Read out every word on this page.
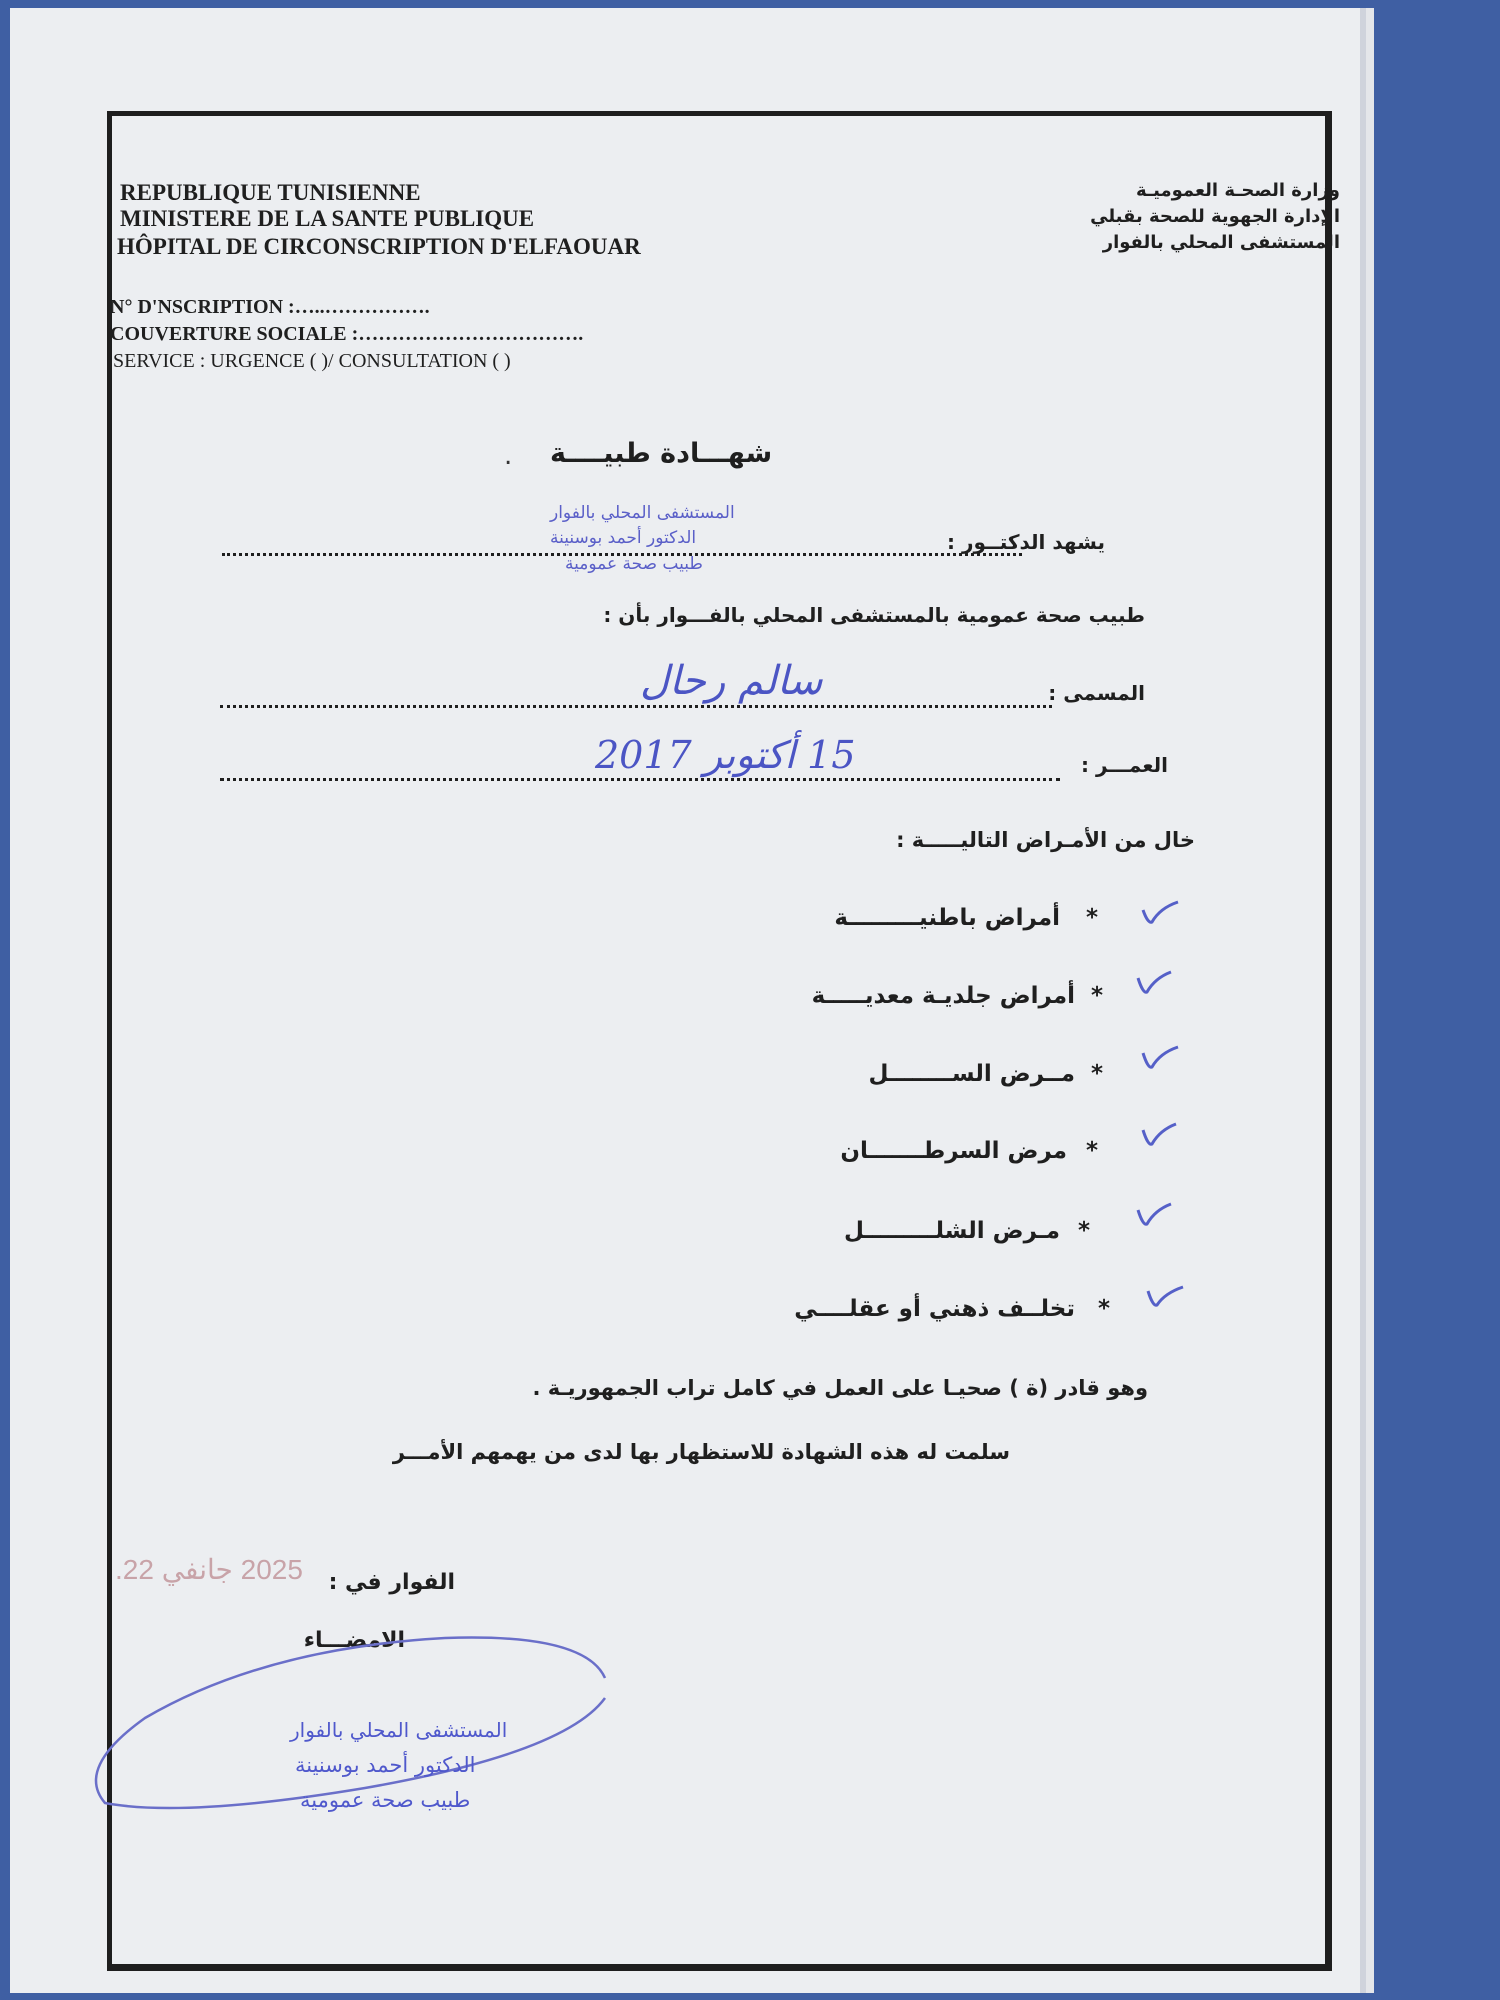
REPUBLIQUE TUNISIENNE
MINISTERE DE LA SANTE PUBLIQUE
HÔPITAL DE CIRCONSCRIPTION D'ELFAOUAR
وزارة الصحـة العموميـة
الإدارة الجهوية للصحة بقبلي
المستشفى المحلي بالفوار
N° D'NSCRIPTION :…..…………….
COUVERTURE SOCIALE :…………………………….
SERVICE : URGENCE ( )/ CONSULTATION ( )
شهـــادة طبيــــة
.
يشهد الدكتــور :
المستشفى المحلي بالفوار
الدكتور أحمد بوسنينة
طبيب صحة عمومية
طبيب صحة عمومية بالمستشفى المحلي بالفـــوار بأن :
المسمى :
سالم رحال
العمـــر :
15 أكتوبر 2017
خال من الأمـراض التاليـــــة :
أمراض باطنيـــــــــة *
أمراض جلديـة معديـــــة *
مــرض الســــــــل *
مرض السرطـــــــان *
مـرض الشلـــــــــل *
تخلــف ذهني أو عقلــــي *
وهو قادر (ة ) صحيـا على العمل في كامل تراب الجمهوريـة .
سلمت له هذه الشهادة للاستظهار بها لدى من يهمهم الأمـــر
الفوار في :
2025 جانفي 22.
الامضـــاء
المستشفى المحلي بالفوار
الدكتور أحمد بوسنينة
طبيب صحة عمومية
